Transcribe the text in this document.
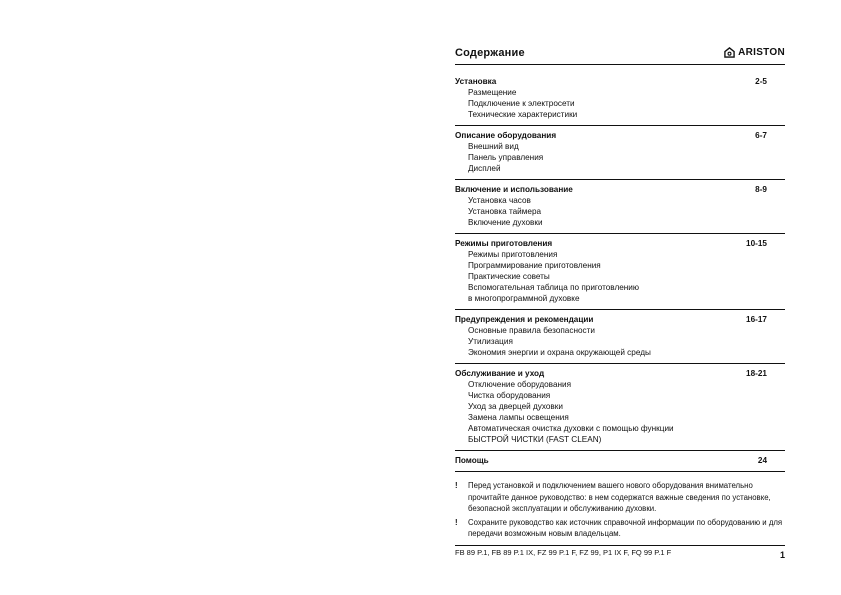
Содержание	ARISTON
Установка	2-5
Размещение
Подключение к электросети
Технические характеристики
Описание оборудования	6-7
Внешний вид
Панель управления
Дисплей
Включение и использование	8-9
Установка часов
Установка таймера
Включение духовки
Режимы приготовления	10-15
Режимы приготовления
Программирование приготовления
Практические советы
Вспомогательная таблица по приготовлению
в многопрограммной духовке
Предупреждения и рекомендации	16-17
Основные правила безопасности
Утилизация
Экономия энергии и охрана окружающей среды
Обслуживание и уход	18-21
Отключение оборудования
Чистка оборудования
Уход за дверцей духовки
Замена лампы освещения
Автоматическая очистка духовки с помощью функции
БЫСТРОЙ ЧИСТКИ (FAST CLEAN)
Помощь	24
!	Перед установкой и подключением вашего нового оборудования внимательно прочитайте данное руководство: в нем содержатся важные сведения по установке, безопасной эксплуатации и обслуживанию духовки.
!	Сохраните руководство как источник справочной информации по оборудованию и для передачи возможным новым владельцам.
FB 89 P.1, FB 89 P.1 IX, FZ 99 P.1 F, FZ 99, P1 IX F, FQ 99 P.1 F	1
